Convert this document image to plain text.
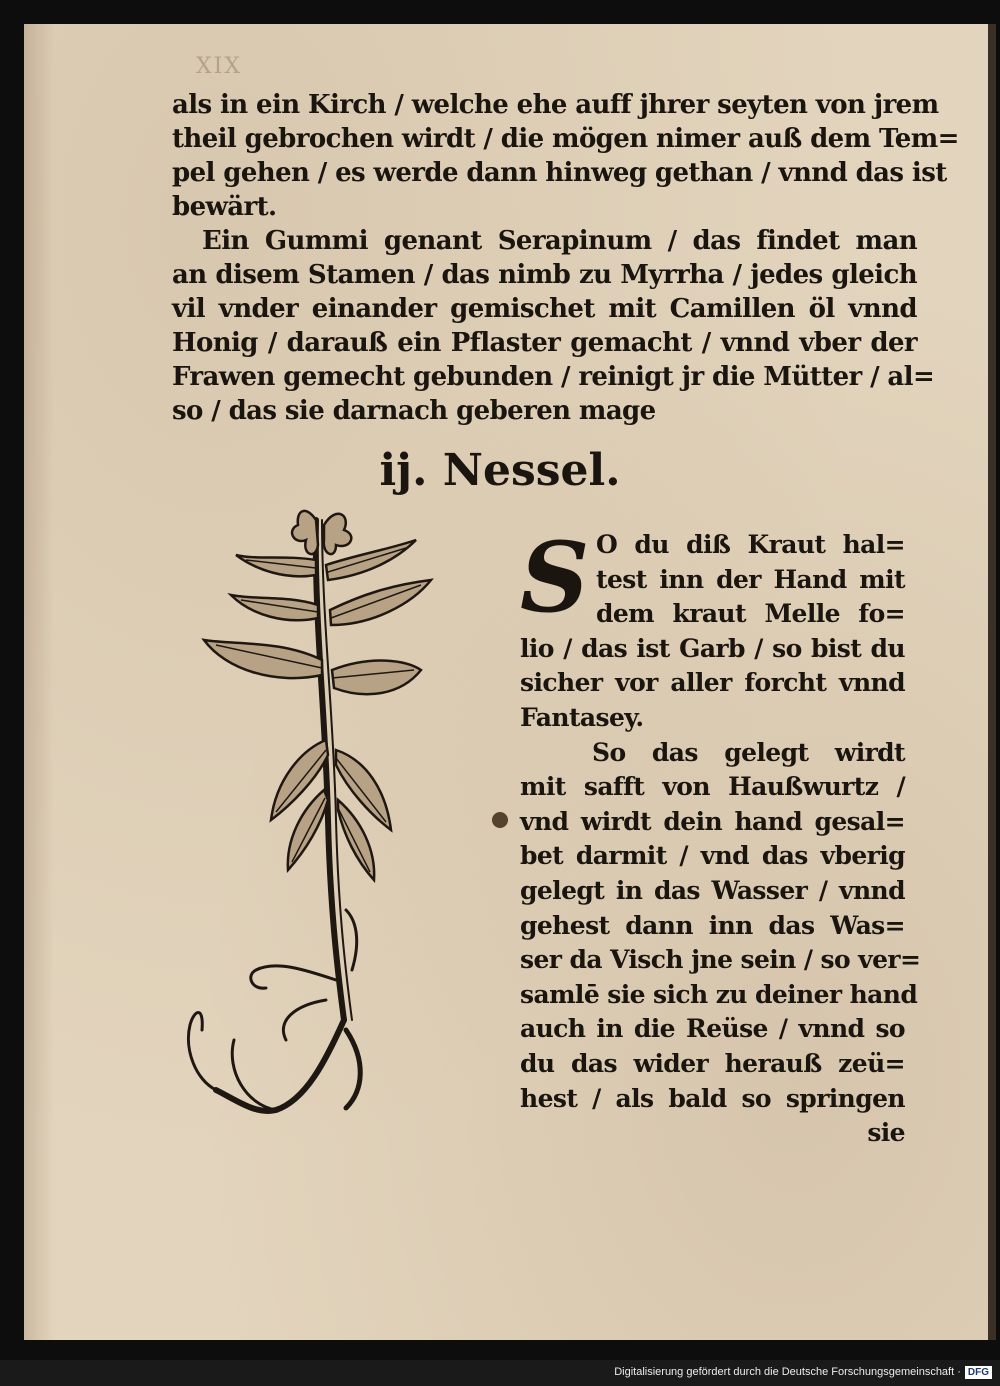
XIX
als in ein Kirch / welche ehe auff jhrer seyten von jrem
theil gebrochen wirdt / die mögen nimer auß dem Tem=
pel gehen / es werde dann hinweg gethan / vnnd das ist
bewärt.
Ein Gummi genant Serapinum / das findet man
an disem Stamen / das nimb zu Myrrha / jedes gleich
vil vnder einander gemischet mit Camillen öl vnnd
Honig / darauß ein Pflaster gemacht / vnnd vber der
Frawen gemecht gebunden / reinigt jr die Mütter / al=
so / das sie darnach geberen mage
ij. Nessel.
S O du diß Kraut hal=
test inn der Hand mit
dem kraut Melle fo=
lio / das ist Garb / so bist du
sicher vor aller forcht vnnd
Fantasey.
So das gelegt wirdt
mit safft von Haußwurtz /
vnd wirdt dein hand gesal=
bet darmit / vnd das vberig
gelegt in das Wasser / vnnd
gehest dann inn das Was=
ser da Visch jne sein / so ver=
samlē sie sich zu deiner hand
auch in die Reüse / vnnd so
du das wider herauß zeü=
hest / als bald so springen
sie
Digitalisierung gefördert durch die Deutsche Forschungsgemeinschaft · DFG
